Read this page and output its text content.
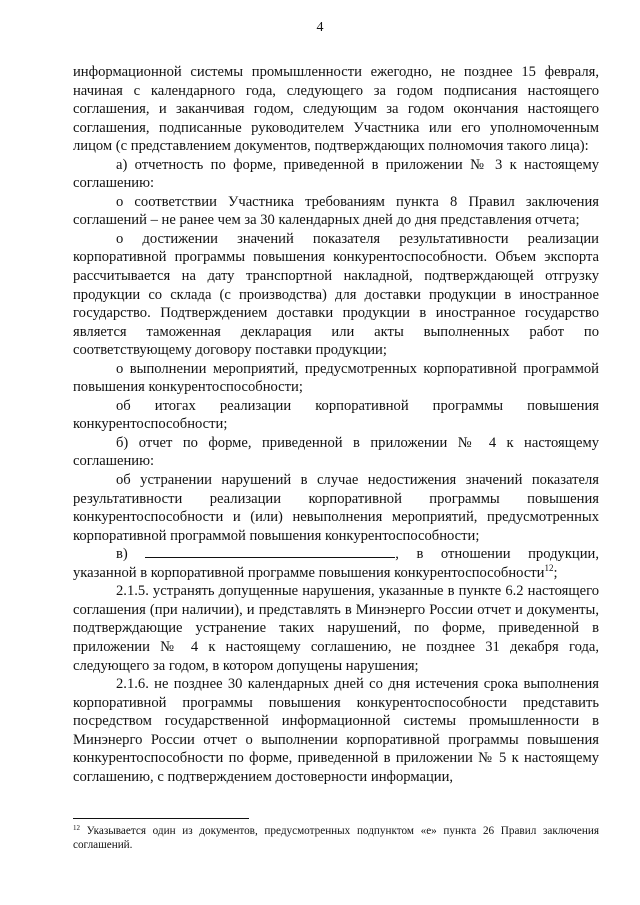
4

информационной системы промышленности ежегодно, не позднее 15 февраля, начиная с календарного года, следующего за годом подписания настоящего соглашения, и заканчивая годом, следующим за годом окончания настоящего соглашения, подписанные руководителем Участника или его уполномоченным лицом (с представлением документов, подтверждающих полномочия такого лица):

а) отчетность по форме, приведенной в приложении № 3 к настоящему соглашению:

о соответствии Участника требованиям пункта 8 Правил заключения соглашений – не ранее чем за 30 календарных дней до дня представления отчета;

о достижении значений показателя результативности реализации корпоративной программы повышения конкурентоспособности. Объем экспорта рассчитывается на дату транспортной накладной, подтверждающей отгрузку продукции со склада (с производства) для доставки продукции в иностранное государство. Подтверждением доставки продукции в иностранное государство является таможенная декларация или акты выполненных работ по соответствующему договору поставки продукции;

о выполнении мероприятий, предусмотренных корпоративной программой повышения конкурентоспособности;

об итогах реализации корпоративной программы повышения конкурентоспособности;

б) отчет по форме, приведенной в приложении № 4 к настоящему соглашению:

об устранении нарушений в случае недостижения значений показателя результативности реализации корпоративной программы повышения конкурентоспособности и (или) невыполнения мероприятий, предусмотренных корпоративной программой повышения конкурентоспособности;

в)	, в отношении продукции, указанной в корпоративной программе повышения конкурентоспособности$^{12}$;

2.1.5. устранять допущенные нарушения, указанные в пункте 6.2 настоящего соглашения (при наличии), и представлять в Минэнерго России отчет и документы, подтверждающие устранение таких нарушений, по форме, приведенной в приложении № 4 к настоящему соглашению, не позднее 31 декабря года, следующего за годом, в котором допущены нарушения;

2.1.6. не позднее 30 календарных дней со дня истечения срока выполнения корпоративной программы повышения конкурентоспособности представить посредством государственной информационной системы промышленности в Минэнерго России отчет о выполнении корпоративной программы повышения конкурентоспособности по форме, приведенной в приложении № 5 к настоящему соглашению, с подтверждением достоверности информации,

$^{12}$ Указывается один из документов, предусмотренных подпунктом «е» пункта 26 Правил заключения соглашений.
